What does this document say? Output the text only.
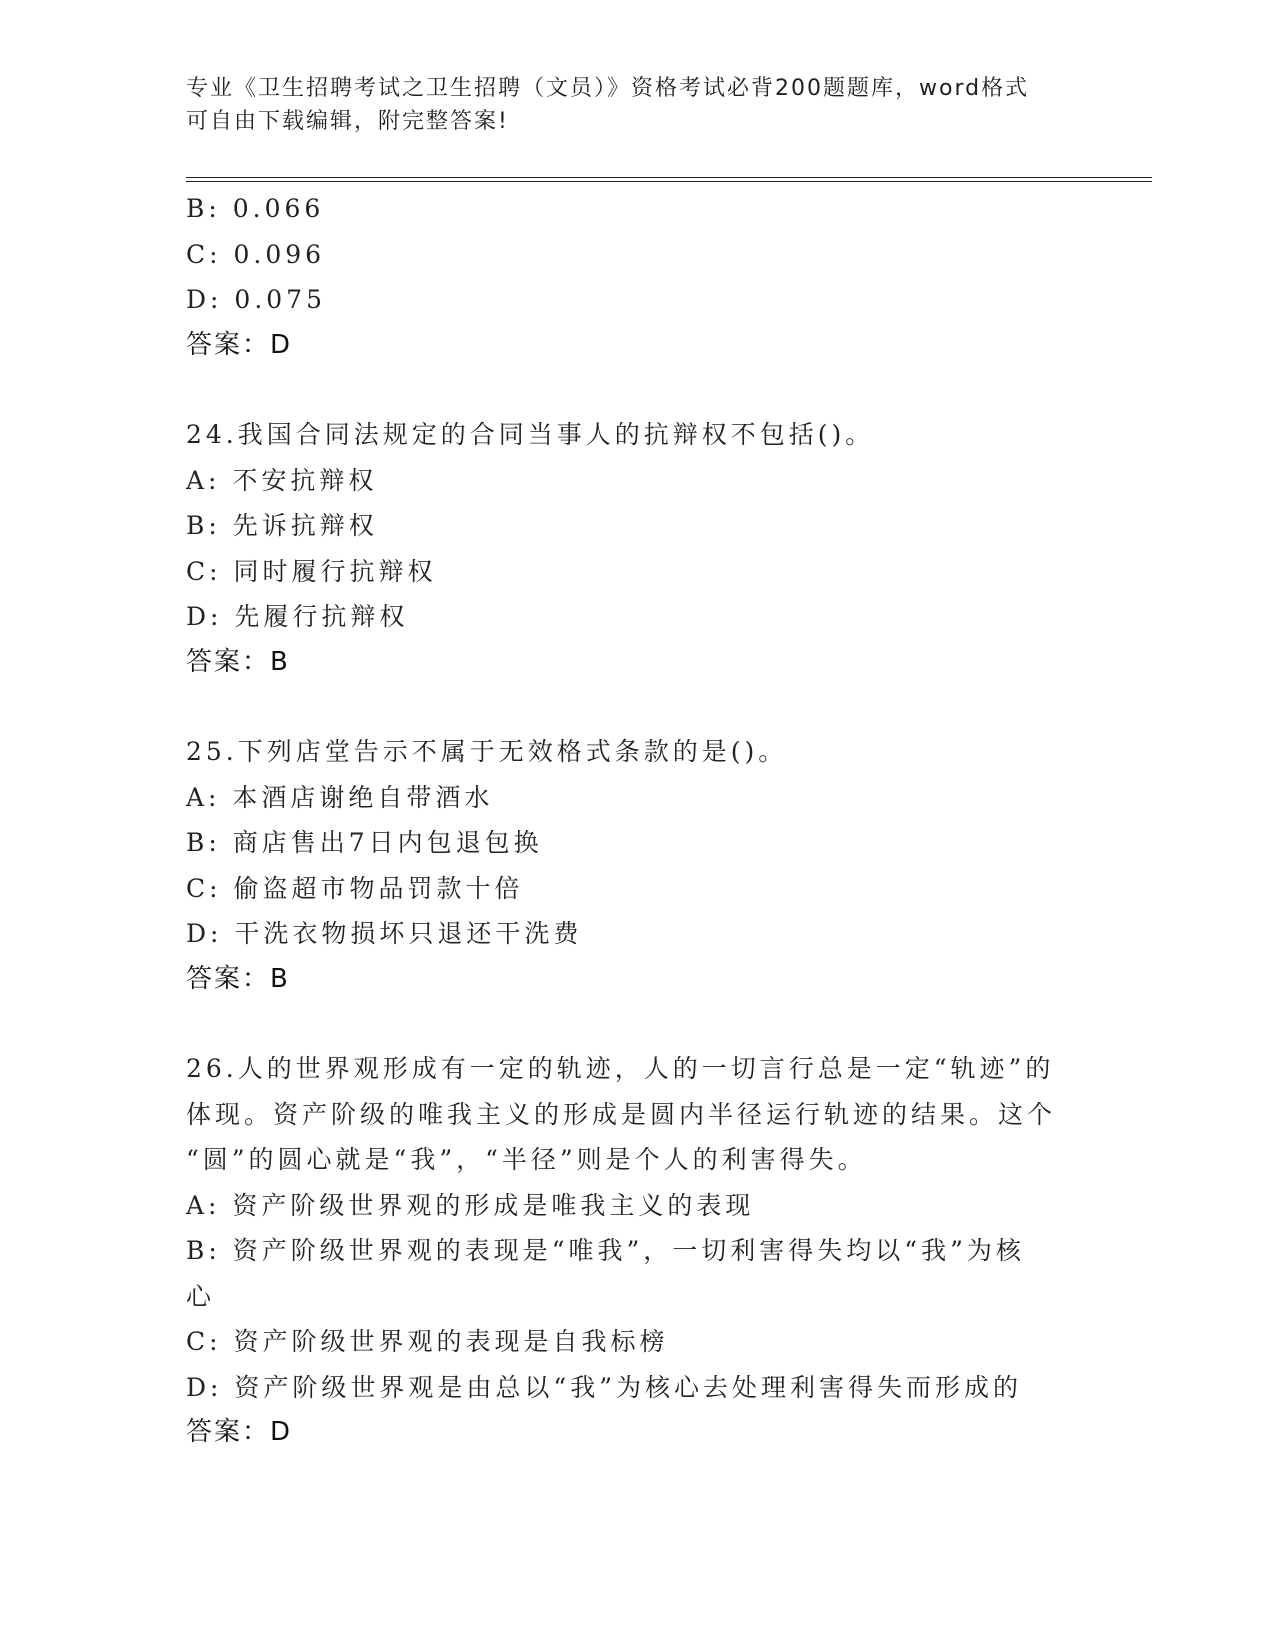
专业《卫生招聘考试之卫生招聘（文员）》资格考试必背200题题库，word格式
可自由下载编辑，附完整答案!
B: 0.066
C: 0.096
D: 0.075
答案：D
24.我国合同法规定的合同当事人的抗辩权不包括()。
A: 不安抗辩权
B: 先诉抗辩权
C: 同时履行抗辩权
D: 先履行抗辩权
答案：B
25.下列店堂告示不属于无效格式条款的是()。
A: 本酒店谢绝自带酒水
B: 商店售出7日内包退包换
C: 偷盗超市物品罚款十倍
D: 干洗衣物损坏只退还干洗费
答案：B
26.人的世界观形成有一定的轨迹，人的一切言行总是一定“轨迹”的
体现。资产阶级的唯我主义的形成是圆内半径运行轨迹的结果。这个
“圆”的圆心就是“我”，“半径”则是个人的利害得失。
A: 资产阶级世界观的形成是唯我主义的表现
B: 资产阶级世界观的表现是“唯我”，一切利害得失均以“我”为核
心
C: 资产阶级世界观的表现是自我标榜
D: 资产阶级世界观是由总以“我”为核心去处理利害得失而形成的
答案：D
